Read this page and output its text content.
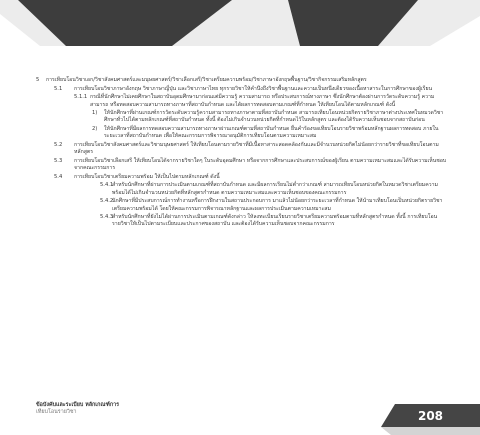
5	การเทียบโอนวิชาเอก/วิชาสังคมศาสตร์และมนุษยศาสตร์/วิชาเลือกเสรี/วิชาเตรียมความพร้อม/วิชาภาษาอังกฤษพื้นฐาน/วิชากิจกรรมเสริมหลักสูตร
5.1	การเทียบโอนวิชาภาษาอังกฤษ วิชาภาษาญี่ปุ่น และวิชาภาษาไทย ทุกรายวิชาให้คำนึงถึงวิชาพื้นฐานและความเป็นหนึ่งเดียวของเนื้อหาสาระในการศึกษาของผู้เรียน
5.1.1 กรณีที่นักศึกษาไม่เคยศึกษาในสถาบันอุดมศึกษามาก่อนแต่มีความรู้ ความสามารถ หรือประสบการณ์ทางภาษา ซึ่งนักศึกษาต้องผ่านการวัดระดับความรู้ ความสามารถ หรือทดสอบความสามารถทางภาษาที่สถาบันกำหนด และได้ผลการทดสอบตามเกณฑ์ที่กำหนด ให้เทียบโอนได้ตามหลักเกณฑ์ ดังนี้
1)	ให้นักศึกษาที่ผ่านเกณฑ์การวัดระดับความรู้ความสามารถทางภาษาตามที่สถาบันกำหนด สามารถเทียบโอนหน่วยกิตรายวิชาภาษาต่างประเทศในหมวดวิชาศึกษาทั่วไปได้ตามหลักเกณฑ์ที่สถาบันกำหนด ทั้งนี้ ต้องไม่เกินจำนวนหน่วยกิตที่กำหนดไว้ในหลักสูตร และต้องได้รับความเห็นชอบจากสถาบันก่อน
2)	ให้นักศึกษาที่มีผลการทดสอบความสามารถทางภาษาผ่านเกณฑ์ตามที่สถาบันกำหนด ยื่นคำร้องขอเทียบโอนรายวิชาพร้อมหลักฐานผลการทดสอบ ภายในระยะเวลาที่สถาบันกำหนด เพื่อให้คณะกรรมการพิจารณาอนุมัติการเทียบโอนตามความเหมาะสม
5.2	การเทียบโอนวิชาสังคมศาสตร์และวิชามนุษยศาสตร์ ให้เทียบโอนตามรายวิชาที่มีเนื้อหาสาระสอดคล้องกันและมีจำนวนหน่วยกิตไม่น้อยกว่ารายวิชาที่ขอเทียบโอนตามหลักสูตร
5.3	การเทียบโอนวิชาเลือกเสรี ให้เทียบโอนได้จากรายวิชาใดๆ ในระดับอุดมศึกษา หรือจากการศึกษาและประสบการณ์ของผู้เรียน ตามความเหมาะสมและได้รับความเห็นชอบจากคณะกรรมการ
5.4	การเทียบโอนวิชาเตรียมความพร้อม ให้เป็นไปตามหลักเกณฑ์ ดังนี้
5.4.1
สำหรับนักศึกษาที่ผ่านการประเมินตามเกณฑ์ที่สถาบันกำหนด และมีผลการเรียนไม่ต่ำกว่าเกณฑ์ สามารถเทียบโอนหน่วยกิตในหมวดวิชาเตรียมความพร้อมได้ไม่เกินจำนวนหน่วยกิตที่หลักสูตรกำหนด ตามความเหมาะสมและความเห็นชอบของคณะกรรมการ
5.4.2
นักศึกษาที่มีประสบการณ์การทำงานหรือการฝึกงานในสถานประกอบการ มาแล้วไม่น้อยกว่าระยะเวลาที่กำหนด ให้นำมาเทียบโอนเป็นหน่วยกิตรายวิชาเตรียมความพร้อมได้ โดยให้คณะกรรมการพิจารณาหลักฐานและผลการประเมินตามความเหมาะสม
5.4.3
สำหรับนักศึกษาที่ยังไม่ได้ผ่านการประเมินตามเกณฑ์ดังกล่าว ให้ลงทะเบียนเรียนรายวิชาเตรียมความพร้อมตามที่หลักสูตรกำหนด ทั้งนี้ การเทียบโอนรายวิชาให้เป็นไปตามระเบียบและประกาศของสถาบัน และต้องได้รับความเห็นชอบจากคณะกรรมการ
ข้อบังคับและระเบียบ หลักเกณฑ์การ
เทียบโอนรายวิชา	208
